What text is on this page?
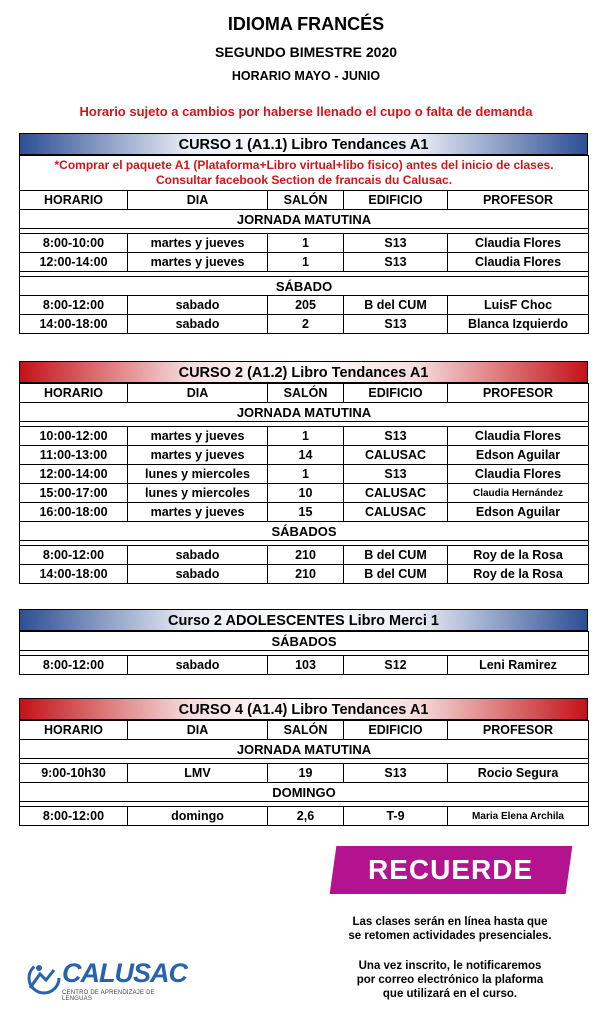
IDIOMA FRANCÉS
SEGUNDO BIMESTRE 2020
HORARIO MAYO - JUNIO
Horario sujeto a cambios por haberse llenado el cupo o falta de demanda
CURSO 1 (A1.1) Libro Tendances A1
*Comprar el paquete A1 (Plataforma+Libro virtual+libo fisico) antes del inicio de clases.
Consultar facebook Section de francais du Calusac.				
HORARIO	DIA	SALÓN	EDIFICIO	PROFESOR
JORNADA MATUTINA				

8:00-10:00	martes y jueves	1	S13	Claudia Flores
12:00-14:00	martes y jueves	1	S13	Claudia Flores

SÁBADO				
8:00-12:00	sabado	205	B del CUM	LuisF Choc
14:00-18:00	sabado	2	S13	Blanca Izquierdo
CURSO 2 (A1.2) Libro Tendances A1
HORARIO	DIA	SALÓN	EDIFICIO	PROFESOR
JORNADA MATUTINA				

10:00-12:00	martes y jueves	1	S13	Claudia Flores
11:00-13:00	martes y jueves	14	CALUSAC	Edson Aguilar
12:00-14:00	lunes y miercoles	1	S13	Claudia Flores
15:00-17:00	lunes y miercoles	10	CALUSAC	Claudia Hernández
16:00-18:00	martes y jueves	15	CALUSAC	Edson Aguilar
SÁBADOS				

8:00-12:00	sabado	210	B del CUM	Roy de la Rosa
14:00-18:00	sabado	210	B del CUM	Roy de la Rosa
Curso 2 ADOLESCENTES Libro Merci 1
SÁBADOS

8:00-12:00	sabado	103	S12	Leni Ramirez
CURSO 4 (A1.4) Libro Tendances A1
HORARIO	DIA	SALÓN	EDIFICIO	PROFESOR
JORNADA MATUTINA				

9:00-10h30	LMV	19	S13	Rocio Segura
DOMINGO				

8:00-12:00	domingo	2,6	T-9	Maria Elena Archila
RECUERDE
Las clases serán en línea hasta que
se retomen actividades presenciales.
Una vez inscrito, le notificaremos
por correo electrónico la plaforma
que utilizará en el curso.
CALUSAC
CENTRO DE APRENDIZAJE DE LENGUAS
